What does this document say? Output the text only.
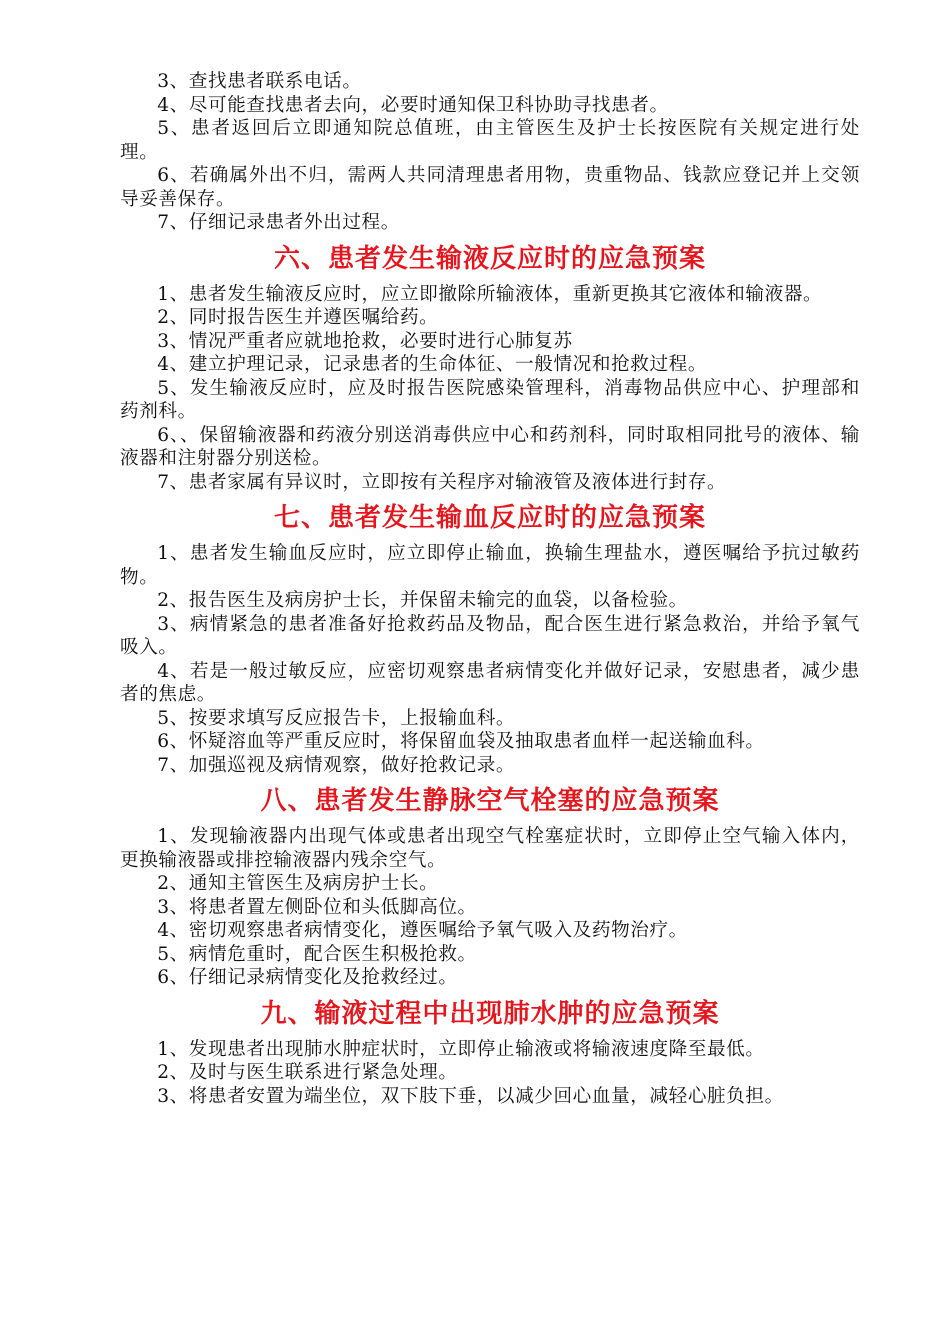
3、查找患者联系电话。

4、尽可能查找患者去向，必要时通知保卫科协助寻找患者。

5、患者返回后立即通知院总值班，由主管医生及护士长按医院有关规定进行处理。

6、若确属外出不归，需两人共同清理患者用物，贵重物品、钱款应登记并上交领导妥善保存。

7、仔细记录患者外出过程。

六、患者发生输液反应时的应急预案

1、患者发生输液反应时，应立即撤除所输液体，重新更换其它液体和输液器。

2、同时报告医生并遵医嘱给药。

3、情况严重者应就地抢救，必要时进行心肺复苏

4、建立护理记录，记录患者的生命体征、一般情况和抢救过程。

5、发生输液反应时，应及时报告医院感染管理科，消毒物品供应中心、护理部和药剂科。

6、、保留输液器和药液分别送消毒供应中心和药剂科，同时取相同批号的液体、输液器和注射器分别送检。

7、患者家属有异议时，立即按有关程序对输液管及液体进行封存。

七、患者发生输血反应时的应急预案

1、患者发生输血反应时，应立即停止输血，换输生理盐水，遵医嘱给予抗过敏药物。

2、报告医生及病房护士长，并保留未输完的血袋，以备检验。

3、病情紧急的患者准备好抢救药品及物品，配合医生进行紧急救治，并给予氧气吸入。

4、若是一般过敏反应，应密切观察患者病情变化并做好记录，安慰患者，减少患者的焦虑。

5、按要求填写反应报告卡，上报输血科。

6、怀疑溶血等严重反应时，将保留血袋及抽取患者血样一起送输血科。

7、加强巡视及病情观察，做好抢救记录。

八、患者发生静脉空气栓塞的应急预案

1、发现输液器内出现气体或患者出现空气栓塞症状时，立即停止空气输入体内，更换输液器或排控输液器内残余空气。

2、通知主管医生及病房护士长。

3、将患者置左侧卧位和头低脚高位。

4、密切观察患者病情变化，遵医嘱给予氧气吸入及药物治疗。

5、病情危重时，配合医生积极抢救。

6、仔细记录病情变化及抢救经过。

九、输液过程中出现肺水肿的应急预案

1、发现患者出现肺水肿症状时，立即停止输液或将输液速度降至最低。

2、及时与医生联系进行紧急处理。

3、将患者安置为端坐位，双下肢下垂，以减少回心血量，减轻心脏负担。
